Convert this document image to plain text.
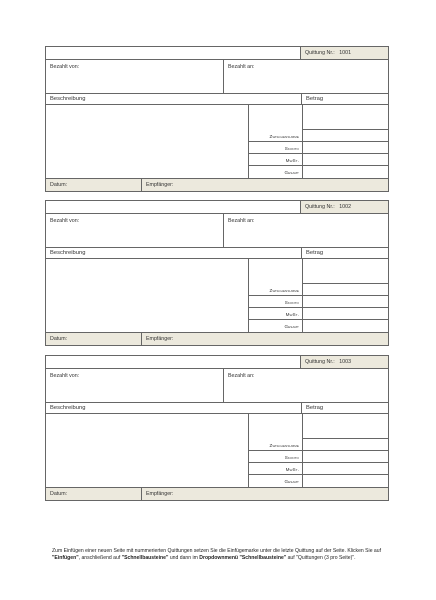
Quittung Nr.: 1001
Bezahlt von:	Bezahlt an:
Beschreibung	Betrag
Zwischensumme
Skonto
MwSt.
Gesamt
Datum:	Empfänger:
Quittung Nr.: 1002
Bezahlt von:	Bezahlt an:
Beschreibung	Betrag
Zwischensumme
Skonto
MwSt.
Gesamt
Datum:	Empfänger:
Quittung Nr.: 1003
Bezahlt von:	Bezahlt an:
Beschreibung	Betrag
Zwischensumme
Skonto
MwSt.
Gesamt
Datum:	Empfänger:
Zum Einfügen einer neuen Seite mit nummerierten Quittungen setzen Sie die Einfügemarke unter die letzte Quittung auf der Seite. Klicken Sie auf "Einfügen", anschließend auf "Schnellbausteine" und dann im Dropdownmenü "Schnellbausteine" auf "Quittungen (3 pro Seite)".
